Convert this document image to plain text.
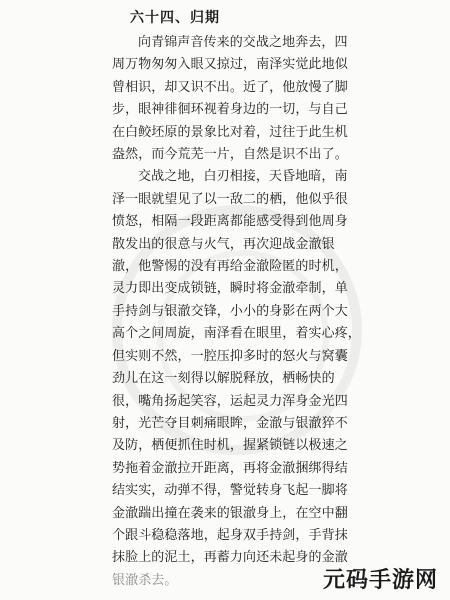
六十四、归期
向青锦声音传来的交战之地奔去，四
周万物匆匆入眼又掠过，南泽实觉此地似
曾相识，却又识不出。近了，他放慢了脚
步，眼神徘徊环视着身边的一切，与自己
在白鲛坯原的景象比对着，过往于此生机
盎然，而今荒芜一片，自然是识不出了。
交战之地，白刃相接，天昏地暗，南
泽一眼就望见了以一敌二的栖，他似乎很
愤怒，相隔一段距离都能感受得到他周身
散发出的很意与火气，再次迎战金澈银
澈，他警惕的没有再给金澈险匿的时机，
灵力即出变成锁链，瞬时将金澈牵制，单
手持剑与银澈交锋，小小的身影在两个大
高个之间周旋，南泽看在眼里，着实心疼，
但实则不然，一腔压抑多时的怒火与窝囊
劲儿在这一刻得以解脱释放，栖畅快的
很，嘴角扬起笑容，运起灵力浑身金光四
射，光芒夺目刺痛眼眸，金澈与银澈猝不
及防，栖便抓住时机，握紧锁链以极速之
势拖着金澈拉开距离，再将金澈捆绑得结
结实实，动弹不得，警觉转身飞起一脚将
金澈踹出撞在袭来的银澈身上，在空中翻
个跟斗稳稳落地，起身双手持剑，手背抹
抹脸上的泥土，再蓄力向还未起身的金澈
银澈杀去。	元码手游网
